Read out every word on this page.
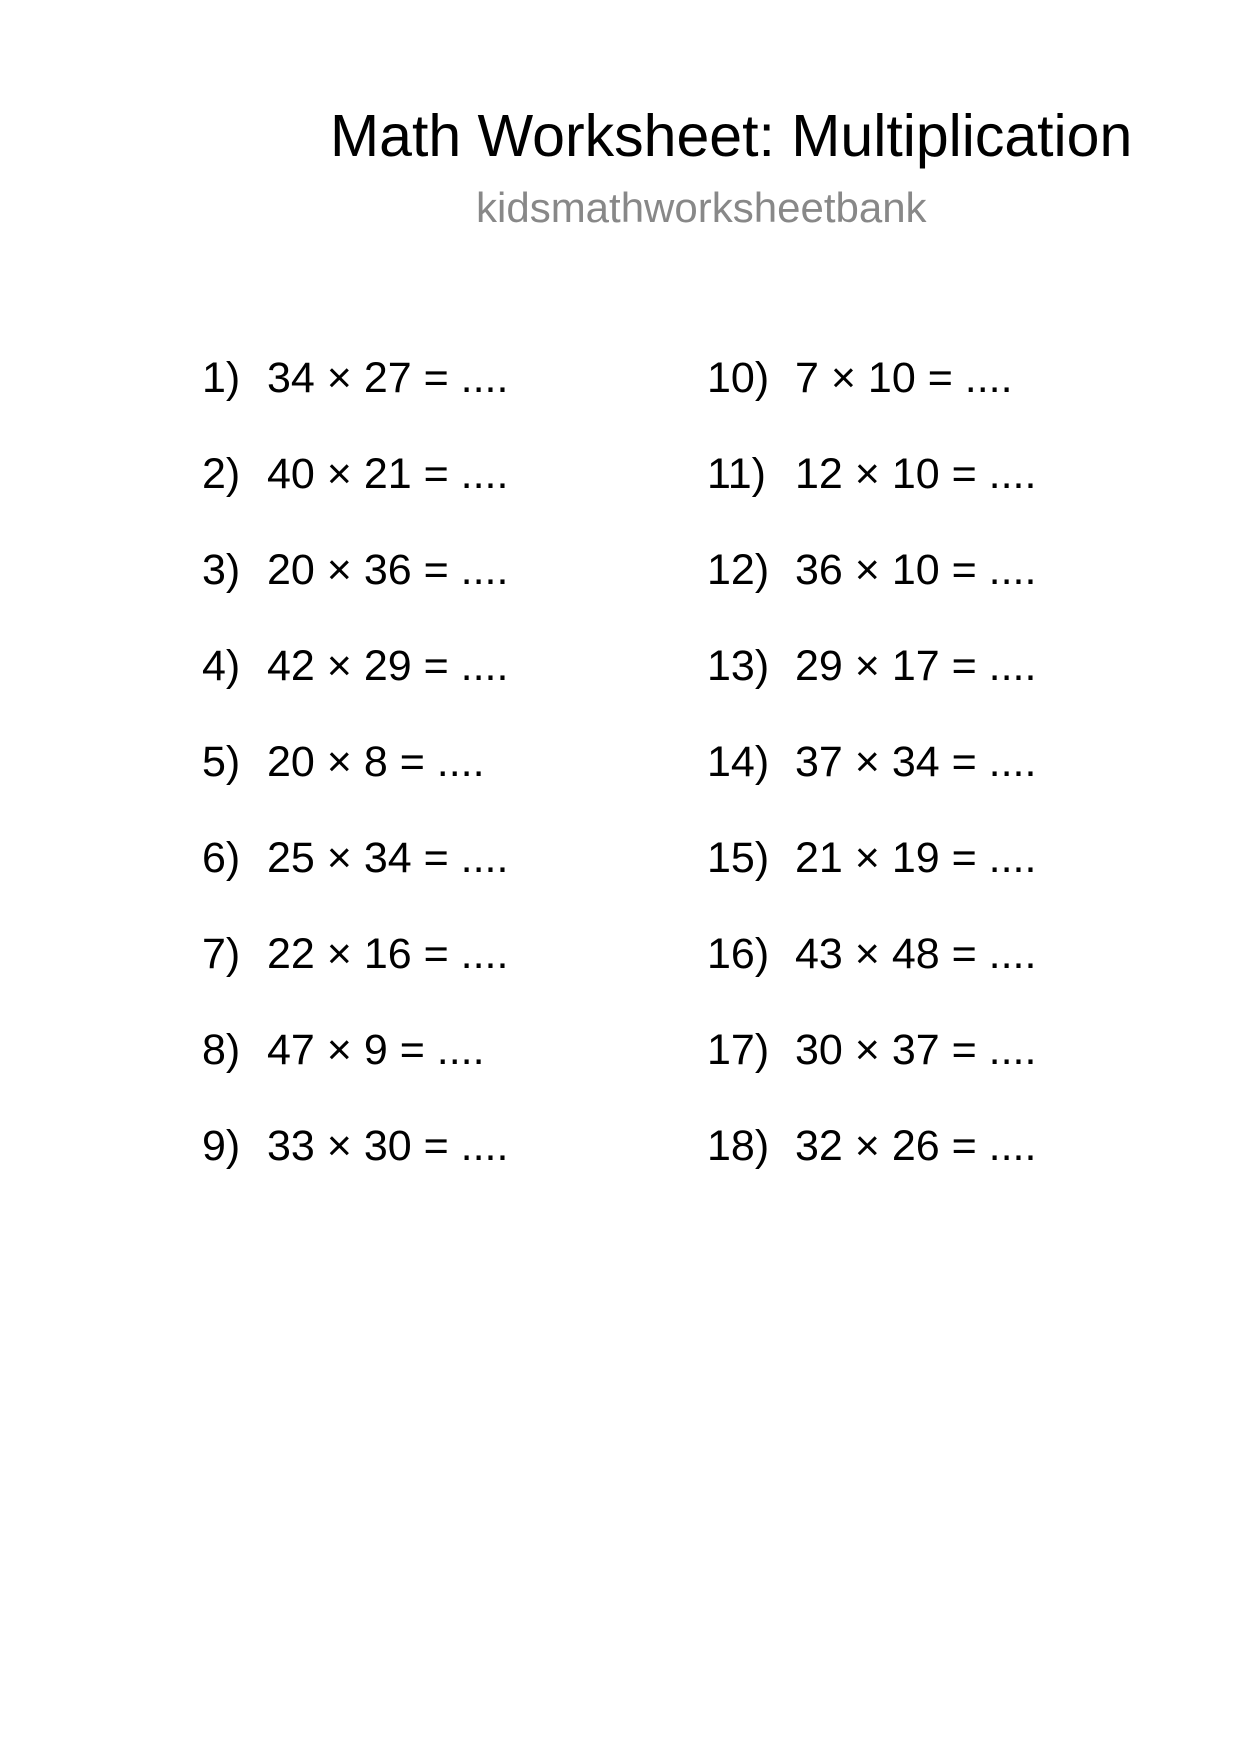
Math Worksheet: Multiplication
kidsmathworksheetbank
1) 34 × 27 = ....
2) 40 × 21 = ....
3) 20 × 36 = ....
4) 42 × 29 = ....
5) 20 × 8 = ....
6) 25 × 34 = ....
7) 22 × 16 = ....
8) 47 × 9 = ....
9) 33 × 30 = ....
10) 7 × 10 = ....
11) 12 × 10 = ....
12) 36 × 10 = ....
13) 29 × 17 = ....
14) 37 × 34 = ....
15) 21 × 19 = ....
16) 43 × 48 = ....
17) 30 × 37 = ....
18) 32 × 26 = ....
